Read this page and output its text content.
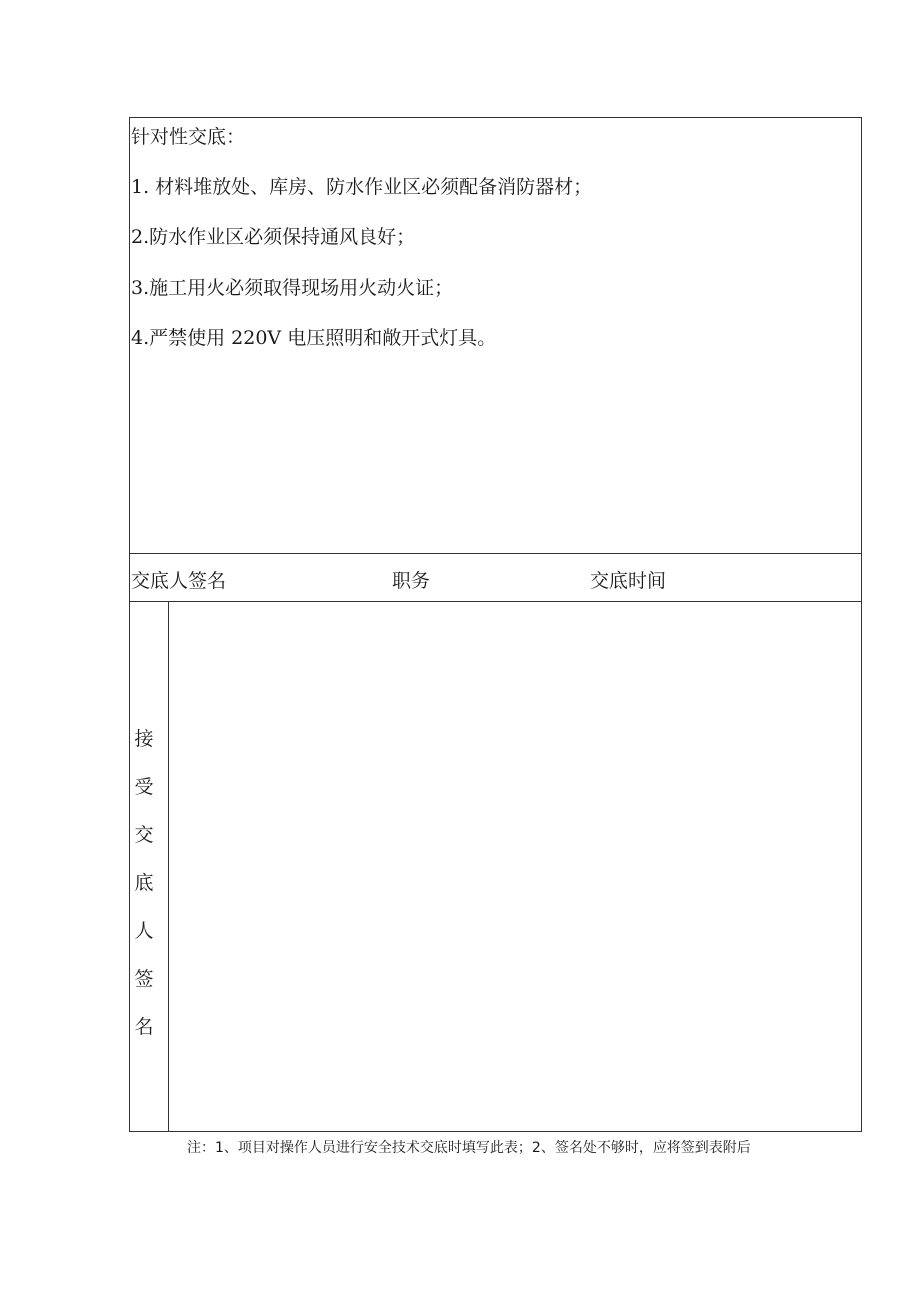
针对性交底：
1. 材料堆放处、库房、防水作业区必须配备消防器材；
2.防水作业区必须保持通风良好；
3.施工用火必须取得现场用火动火证；
4.严禁使用 220V 电压照明和敞开式灯具。
交底人签名	职务	交底时间
接受交底人签名
注：1、项目对操作人员进行安全技术交底时填写此表；2、签名处不够时，应将签到表附后
